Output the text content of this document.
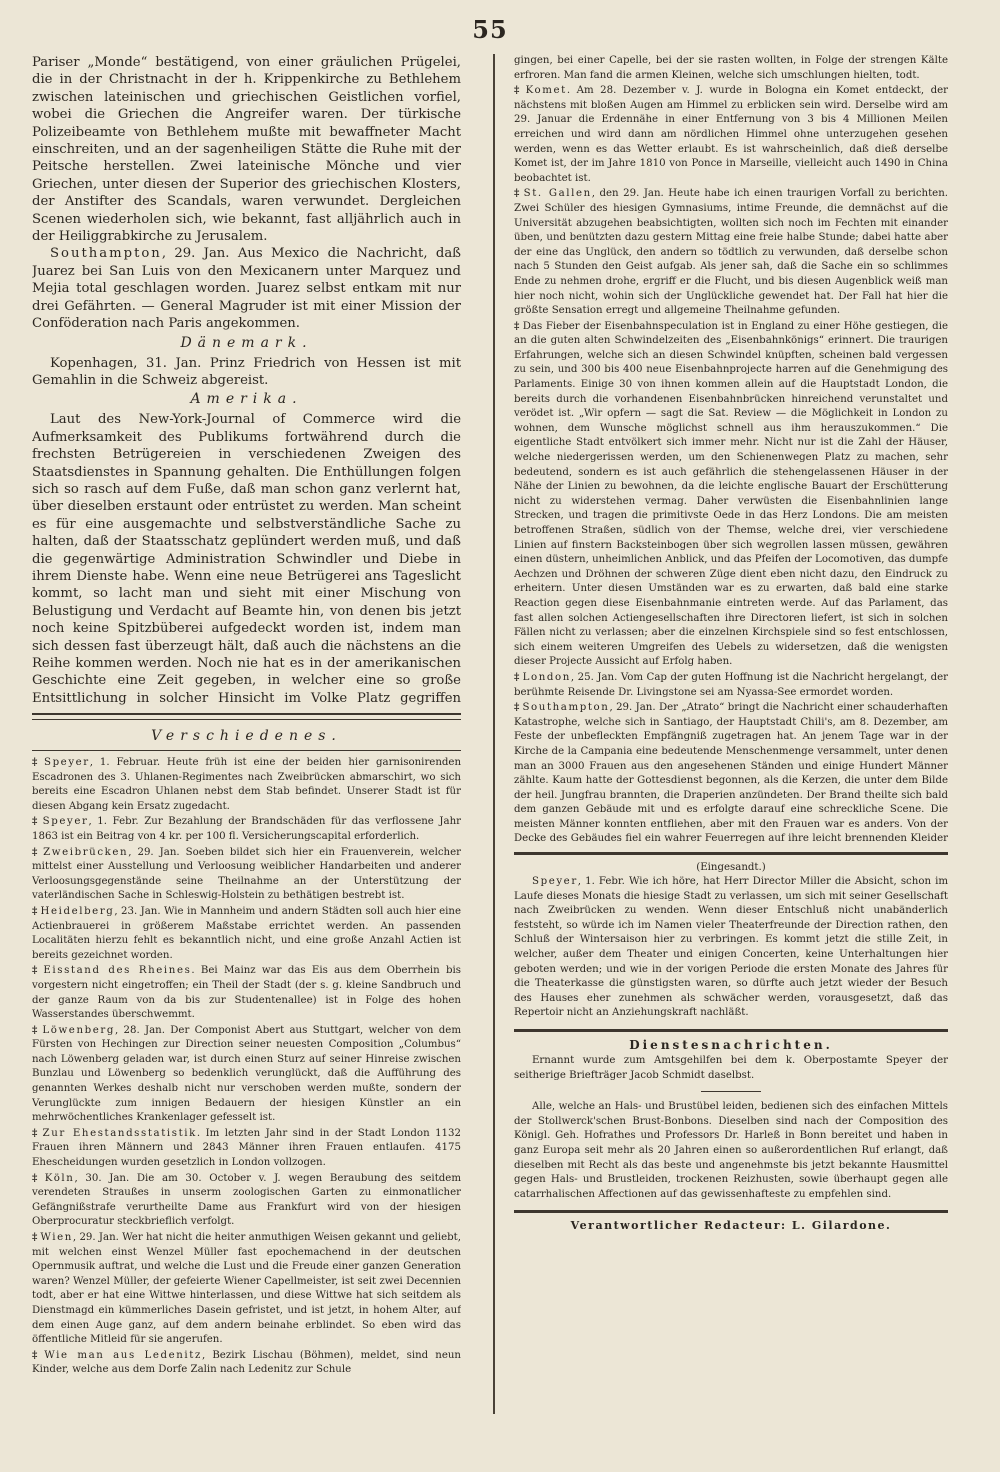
55

Pariser „Monde“ bestätigend, von einer gräulichen Prügelei, die in der Christnacht in der h. Krippenkirche zu Bethlehem zwischen lateinischen und griechischen Geistlichen vorfiel, wobei die Griechen die Angreifer waren. Der türkische Polizeibeamte von Bethlehem mußte mit bewaffneter Macht einschreiten, und an der sagenheiligen Stätte die Ruhe mit der Peitsche herstellen. Zwei lateinische Mönche und vier Griechen, unter diesen der Superior des griechischen Klosters, der Anstifter des Scandals, waren verwundet. Dergleichen Scenen wiederholen sich, wie bekannt, fast alljährlich auch in der Heiliggrabkirche zu Jerusalem.

Southampton, 29. Jan. Aus Mexico die Nachricht, daß Juarez bei San Luis von den Mexicanern unter Marquez und Mejia total geschlagen worden. Juarez selbst entkam mit nur drei Gefährten. — General Magruder ist mit einer Mission der Conföderation nach Paris angekommen.

Dänemark.

Kopenhagen, 31. Jan. Prinz Friedrich von Hessen ist mit Gemahlin in die Schweiz abgereist.

Amerika.

Laut des New-York-Journal of Commerce wird die Aufmerksamkeit des Publikums fortwährend durch die frechsten Betrügereien in verschiedenen Zweigen des Staatsdienstes in Spannung gehalten. Die Enthüllungen folgen sich so rasch auf dem Fuße, daß man schon ganz verlernt hat, über dieselben erstaunt oder entrüstet zu werden. Man scheint es für eine ausgemachte und selbstverständliche Sache zu halten, daß der Staatsschatz geplündert werden muß, und daß die gegenwärtige Administration Schwindler und Diebe in ihrem Dienste habe. Wenn eine neue Betrügerei ans Tageslicht kommt, so lacht man und sieht mit einer Mischung von Belustigung und Verdacht auf Beamte hin, von denen bis jetzt noch keine Spitzbüberei aufgedeckt worden ist, indem man sich dessen fast überzeugt hält, daß auch die nächstens an die Reihe kommen werden. Noch nie hat es in der amerikanischen Geschichte eine Zeit gegeben, in welcher eine so große Entsittlichung in solcher Hinsicht im Volke Platz gegriffen

Verschiedenes.

‡ Speyer, 1. Februar. Heute früh ist eine der beiden hier garnisonirenden Escadronen des 3. Uhlanen-Regimentes nach Zweibrücken abmarschirt, wo sich bereits eine Escadron Uhlanen nebst dem Stab befindet. Unserer Stadt ist für diesen Abgang kein Ersatz zugedacht.

‡ Speyer, 1. Febr. Zur Bezahlung der Brandschäden für das verflossene Jahr 1863 ist ein Beitrag von 4 kr. per 100 fl. Versicherungscapital erforderlich.

‡ Zweibrücken, 29. Jan. Soeben bildet sich hier ein Frauenverein, welcher mittelst einer Ausstellung und Verloosung weiblicher Handarbeiten und anderer Verloosungsgegenstände seine Theilnahme an der Unterstützung der vaterländischen Sache in Schleswig-Holstein zu bethätigen bestrebt ist.

‡ Heidelberg, 23. Jan. Wie in Mannheim und andern Städten soll auch hier eine Actienbrauerei in größerem Maßstabe errichtet werden. An passenden Localitäten hierzu fehlt es bekanntlich nicht, und eine große Anzahl Actien ist bereits gezeichnet worden.

‡ Eisstand des Rheines. Bei Mainz war das Eis aus dem Oberrhein bis vorgestern nicht eingetroffen; ein Theil der Stadt (der s. g. kleine Sandbruch und der ganze Raum von da bis zur Studentenallee) ist in Folge des hohen Wasserstandes überschwemmt.

‡ Löwenberg, 28. Jan. Der Componist Abert aus Stuttgart, welcher von dem Fürsten von Hechingen zur Direction seiner neuesten Composition „Columbus“ nach Löwenberg geladen war, ist durch einen Sturz auf seiner Hinreise zwischen Bunzlau und Löwenberg so bedenklich verunglückt, daß die Aufführung des genannten Werkes deshalb nicht nur verschoben werden mußte, sondern der Verunglückte zum innigen Bedauern der hiesigen Künstler an ein mehrwöchentliches Krankenlager gefesselt ist.

‡ Zur Ehestandsstatistik. Im letzten Jahr sind in der Stadt London 1132 Frauen ihren Männern und 2843 Männer ihren Frauen entlaufen. 4175 Ehescheidungen wurden gesetzlich in London vollzogen.

‡ Köln, 30. Jan. Die am 30. October v. J. wegen Beraubung des seitdem verendeten Straußes in unserm zoologischen Garten zu einmonatlicher Gefängnißstrafe verurtheilte Dame aus Frankfurt wird von der hiesigen Oberprocuratur steckbrieflich verfolgt.

‡ Wien, 29. Jan. Wer hat nicht die heiter anmuthigen Weisen gekannt und geliebt, mit welchen einst Wenzel Müller fast epochemachend in der deutschen Opernmusik auftrat, und welche die Lust und die Freude einer ganzen Generation waren? Wenzel Müller, der gefeierte Wiener Capellmeister, ist seit zwei Decennien todt, aber er hat eine Wittwe hinterlassen, und diese Wittwe hat sich seitdem als Dienstmagd ein kümmerliches Dasein gefristet, und ist jetzt, in hohem Alter, auf dem einen Auge ganz, auf dem andern beinahe erblindet. So eben wird das öffentliche Mitleid für sie angerufen.

‡ Wie man aus Ledenitz, Bezirk Lischau (Böhmen), meldet, sind neun Kinder, welche aus dem Dorfe Zalin nach Ledenitz zur Schule

gingen, bei einer Capelle, bei der sie rasten wollten, in Folge der strengen Kälte erfroren. Man fand die armen Kleinen, welche sich umschlungen hielten, todt.

‡ Komet. Am 28. Dezember v. J. wurde in Bologna ein Komet entdeckt, der nächstens mit bloßen Augen am Himmel zu erblicken sein wird. Derselbe wird am 29. Januar die Erdennähe in einer Entfernung von 3 bis 4 Millionen Meilen erreichen und wird dann am nördlichen Himmel ohne unterzugehen gesehen werden, wenn es das Wetter erlaubt. Es ist wahrscheinlich, daß dieß derselbe Komet ist, der im Jahre 1810 von Ponce in Marseille, vielleicht auch 1490 in China beobachtet ist.

‡ St. Gallen, den 29. Jan. Heute habe ich einen traurigen Vorfall zu berichten. Zwei Schüler des hiesigen Gymnasiums, intime Freunde, die demnächst auf die Universität abzugehen beabsichtigten, wollten sich noch im Fechten mit einander üben, und benützten dazu gestern Mittag eine freie halbe Stunde; dabei hatte aber der eine das Unglück, den andern so tödtlich zu verwunden, daß derselbe schon nach 5 Stunden den Geist aufgab. Als jener sah, daß die Sache ein so schlimmes Ende zu nehmen drohe, ergriff er die Flucht, und bis diesen Augenblick weiß man hier noch nicht, wohin sich der Unglückliche gewendet hat. Der Fall hat hier die größte Sensation erregt und allgemeine Theilnahme gefunden.

‡ Das Fieber der Eisenbahnspeculation ist in England zu einer Höhe gestiegen, die an die guten alten Schwindelzeiten des „Eisenbahnkönigs“ erinnert. Die traurigen Erfahrungen, welche sich an diesen Schwindel knüpften, scheinen bald vergessen zu sein, und 300 bis 400 neue Eisenbahnprojecte harren auf die Genehmigung des Parlaments. Einige 30 von ihnen kommen allein auf die Hauptstadt London, die bereits durch die vorhandenen Eisenbahnbrücken hinreichend verunstaltet und verödet ist. „Wir opfern — sagt die Sat. Review — die Möglichkeit in London zu wohnen, dem Wunsche möglichst schnell aus ihm herauszukommen.“ Die eigentliche Stadt entvölkert sich immer mehr. Nicht nur ist die Zahl der Häuser, welche niedergerissen werden, um den Schienenwegen Platz zu machen, sehr bedeutend, sondern es ist auch gefährlich die stehengelassenen Häuser in der Nähe der Linien zu bewohnen, da die leichte englische Bauart der Erschütterung nicht zu widerstehen vermag. Daher verwüsten die Eisenbahnlinien lange Strecken, und tragen die primitivste Oede in das Herz Londons. Die am meisten betroffenen Straßen, südlich von der Themse, welche drei, vier verschiedene Linien auf finstern Backsteinbogen über sich wegrollen lassen müssen, gewähren einen düstern, unheimlichen Anblick, und das Pfeifen der Locomotiven, das dumpfe Aechzen und Dröhnen der schweren Züge dient eben nicht dazu, den Eindruck zu erheitern. Unter diesen Umständen war es zu erwarten, daß bald eine starke Reaction gegen diese Eisenbahnmanie eintreten werde. Auf das Parlament, das fast allen solchen Actiengesellschaften ihre Directoren liefert, ist sich in solchen Fällen nicht zu verlassen; aber die einzelnen Kirchspiele sind so fest entschlossen, sich einem weiteren Umgreifen des Uebels zu widersetzen, daß die wenigsten dieser Projecte Aussicht auf Erfolg haben.

‡ London, 25. Jan. Vom Cap der guten Hoffnung ist die Nachricht hergelangt, der berühmte Reisende Dr. Livingstone sei am Nyassa-See ermordet worden.

‡ Southampton, 29. Jan. Der „Atrato“ bringt die Nachricht einer schauderhaften Katastrophe, welche sich in Santiago, der Hauptstadt Chili's, am 8. Dezember, am Feste der unbefleckten Empfängniß zugetragen hat. An jenem Tage war in der Kirche de la Campania eine bedeutende Menschenmenge versammelt, unter denen man an 3000 Frauen aus den angesehenen Ständen und einige Hundert Männer zählte. Kaum hatte der Gottesdienst begonnen, als die Kerzen, die unter dem Bilde der heil. Jungfrau brannten, die Draperien anzündeten. Der Brand theilte sich bald dem ganzen Gebäude mit und es erfolgte darauf eine schreckliche Scene. Die meisten Männer konnten entfliehen, aber mit den Frauen war es anders. Von der Decke des Gebäudes fiel ein wahrer Feuerregen auf ihre leicht brennenden Kleider

(Eingesandt.)

Speyer, 1. Febr. Wie ich höre, hat Herr Director Miller die Absicht, schon im Laufe dieses Monats die hiesige Stadt zu verlassen, um sich mit seiner Gesellschaft nach Zweibrücken zu wenden. Wenn dieser Entschluß nicht unabänderlich feststeht, so würde ich im Namen vieler Theaterfreunde der Direction rathen, den Schluß der Wintersaison hier zu verbringen. Es kommt jetzt die stille Zeit, in welcher, außer dem Theater und einigen Concerten, keine Unterhaltungen hier geboten werden; und wie in der vorigen Periode die ersten Monate des Jahres für die Theaterkasse die günstigsten waren, so dürfte auch jetzt wieder der Besuch des Hauses eher zunehmen als schwächer werden, vorausgesetzt, daß das Repertoir nicht an Anziehungskraft nachläßt.

Dienstesnachrichten.

Ernannt wurde zum Amtsgehilfen bei dem k. Oberpostamte Speyer der seitherige Briefträger Jacob Schmidt daselbst.

Alle, welche an Hals- und Brustübel leiden, bedienen sich des einfachen Mittels der Stollwerck'schen Brust-Bonbons. Dieselben sind nach der Composition des Königl. Geh. Hofrathes und Professors Dr. Harleß in Bonn bereitet und haben in ganz Europa seit mehr als 20 Jahren einen so außerordentlichen Ruf erlangt, daß dieselben mit Recht als das beste und angenehmste bis jetzt bekannte Hausmittel gegen Hals- und Brustleiden, trockenen Reizhusten, sowie überhaupt gegen alle catarrhalischen Affectionen auf das gewissenhafteste zu empfehlen sind.

Verantwortlicher Redacteur: L. Gilardone.
